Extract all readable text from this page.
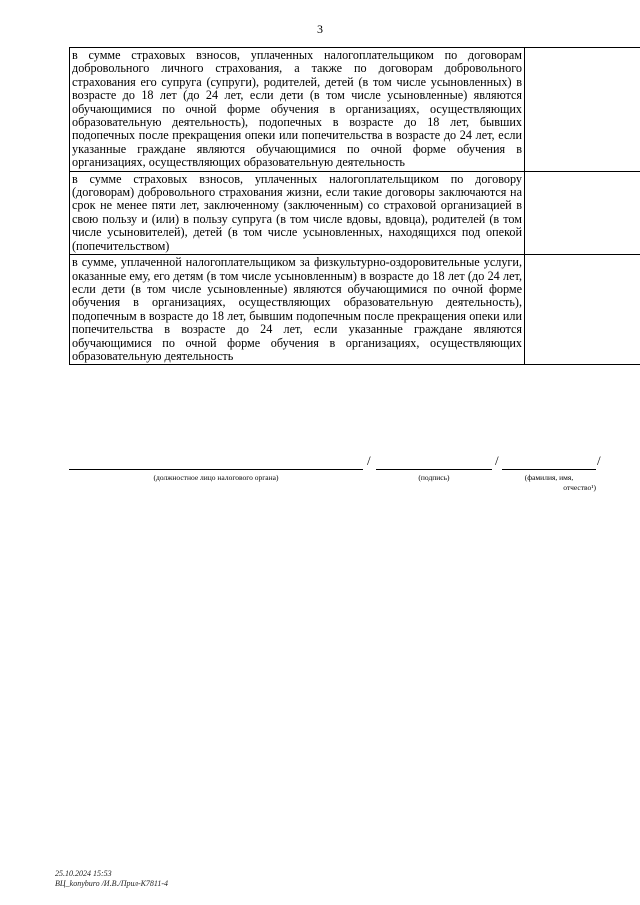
3
в сумме страховых взносов, уплаченных налогоплательщиком по договорам добровольного личного страхования, а также по договорам добровольного страхования его супруга (супруги), родителей, детей (в том числе усыновленных) в возрасте до 18 лет (до 24 лет, если дети (в том числе усыновленные) являются обучающимися по очной форме обучения в организациях, осуществляющих образовательную деятельность), подопечных в возрасте до 18 лет, бывших подопечных после прекращения опеки или попечительства в возрасте до 24 лет, если указанные граждане являются обучающимися по очной форме обучения в организациях, осуществляющих образовательную деятельность	
в сумме страховых взносов, уплаченных налогоплательщиком по договору (договорам) добровольного страхования жизни, если такие договоры заключаются на срок не менее пяти лет, заключенному (заключенным) со страховой организацией в свою пользу и (или) в пользу супруга (в том числе вдовы, вдовца), родителей (в том числе усыновителей), детей (в том числе усыновленных, находящихся под опекой (попечительством)	
в сумме, уплаченной налогоплательщиком за физкультурно-оздоровительные услуги, оказанные ему, его детям (в том числе усыновленным) в возрасте до 18 лет (до 24 лет, если дети (в том числе усыновленные) являются обучающимися по очной форме обучения в организациях, осуществляющих образовательную деятельность), подопечным в возрасте до 18 лет, бывшим подопечным после прекращения опеки или попечительства в возрасте до 24 лет, если указанные граждане являются обучающимися по очной форме обучения в организациях, осуществляющих образовательную деятельность	
/	/	/
(должностное лицо налогового органа)	(подпись)	(фамилия, имя,
отчество¹)
25.10.2024 15:53
ВЦ_konyburo /И.В./Прил-К7811-4
